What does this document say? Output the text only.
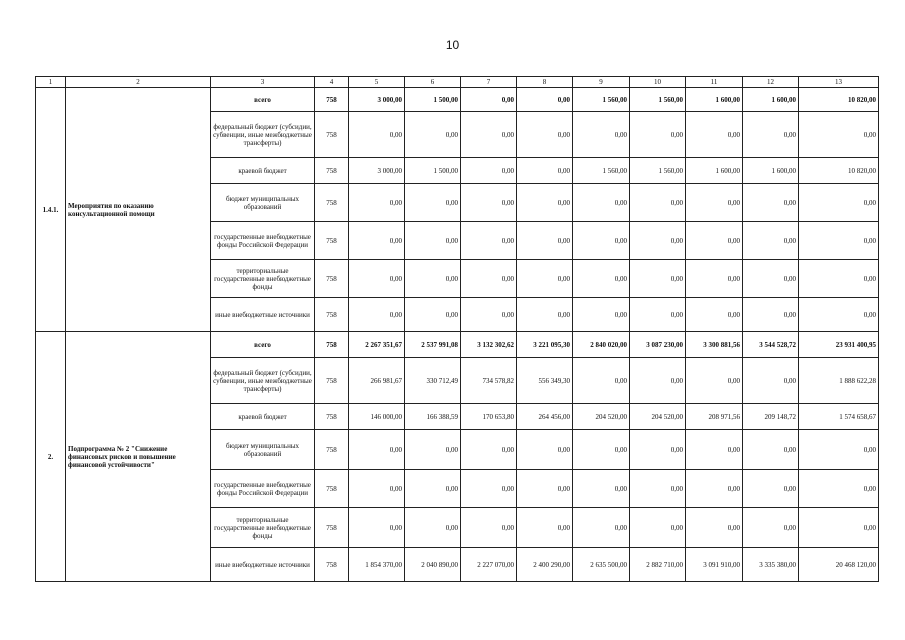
10
1	2	3	4	5	6	7	8	9	10	11	12	13
1.4.1.	Мероприятия по оказанию консультационной помощи	всего	758	3 000,00	1 500,00	0,00	0,00	1 560,00	1 560,00	1 600,00	1 600,00	10 820,00
		федеральный бюджет (субсидии, субвенции, иные межбюджетные трансферты)	758	0,00	0,00	0,00	0,00	0,00	0,00	0,00	0,00	0,00
		краевой бюджет	758	3 000,00	1 500,00	0,00	0,00	1 560,00	1 560,00	1 600,00	1 600,00	10 820,00
		бюджет муниципальных образований	758	0,00	0,00	0,00	0,00	0,00	0,00	0,00	0,00	0,00
		государственные внебюджетные фонды Российской Федерации	758	0,00	0,00	0,00	0,00	0,00	0,00	0,00	0,00	0,00
		территориальные государственные внебюджетные фонды	758	0,00	0,00	0,00	0,00	0,00	0,00	0,00	0,00	0,00
		иные внебюджетные источники	758	0,00	0,00	0,00	0,00	0,00	0,00	0,00	0,00	0,00
2.	Подпрограмма № 2 "Снижение финансовых рисков и повышение финансовой устойчивости"	всего	758	2 267 351,67	2 537 991,08	3 132 302,62	3 221 095,30	2 840 020,00	3 087 230,00	3 300 881,56	3 544 528,72	23 931 400,95
		федеральный бюджет (субсидии, субвенции, иные межбюджетные трансферты)	758	266 981,67	330 712,49	734 578,82	556 349,30	0,00	0,00	0,00	0,00	1 888 622,28
		краевой бюджет	758	146 000,00	166 388,59	170 653,80	264 456,00	204 520,00	204 520,00	208 971,56	209 148,72	1 574 658,67
		бюджет муниципальных образований	758	0,00	0,00	0,00	0,00	0,00	0,00	0,00	0,00	0,00
		государственные внебюджетные фонды Российской Федерации	758	0,00	0,00	0,00	0,00	0,00	0,00	0,00	0,00	0,00
		территориальные государственные внебюджетные фонды	758	0,00	0,00	0,00	0,00	0,00	0,00	0,00	0,00	0,00
		иные внебюджетные источники	758	1 854 370,00	2 040 890,00	2 227 070,00	2 400 290,00	2 635 500,00	2 882 710,00	3 091 910,00	3 335 380,00	20 468 120,00
